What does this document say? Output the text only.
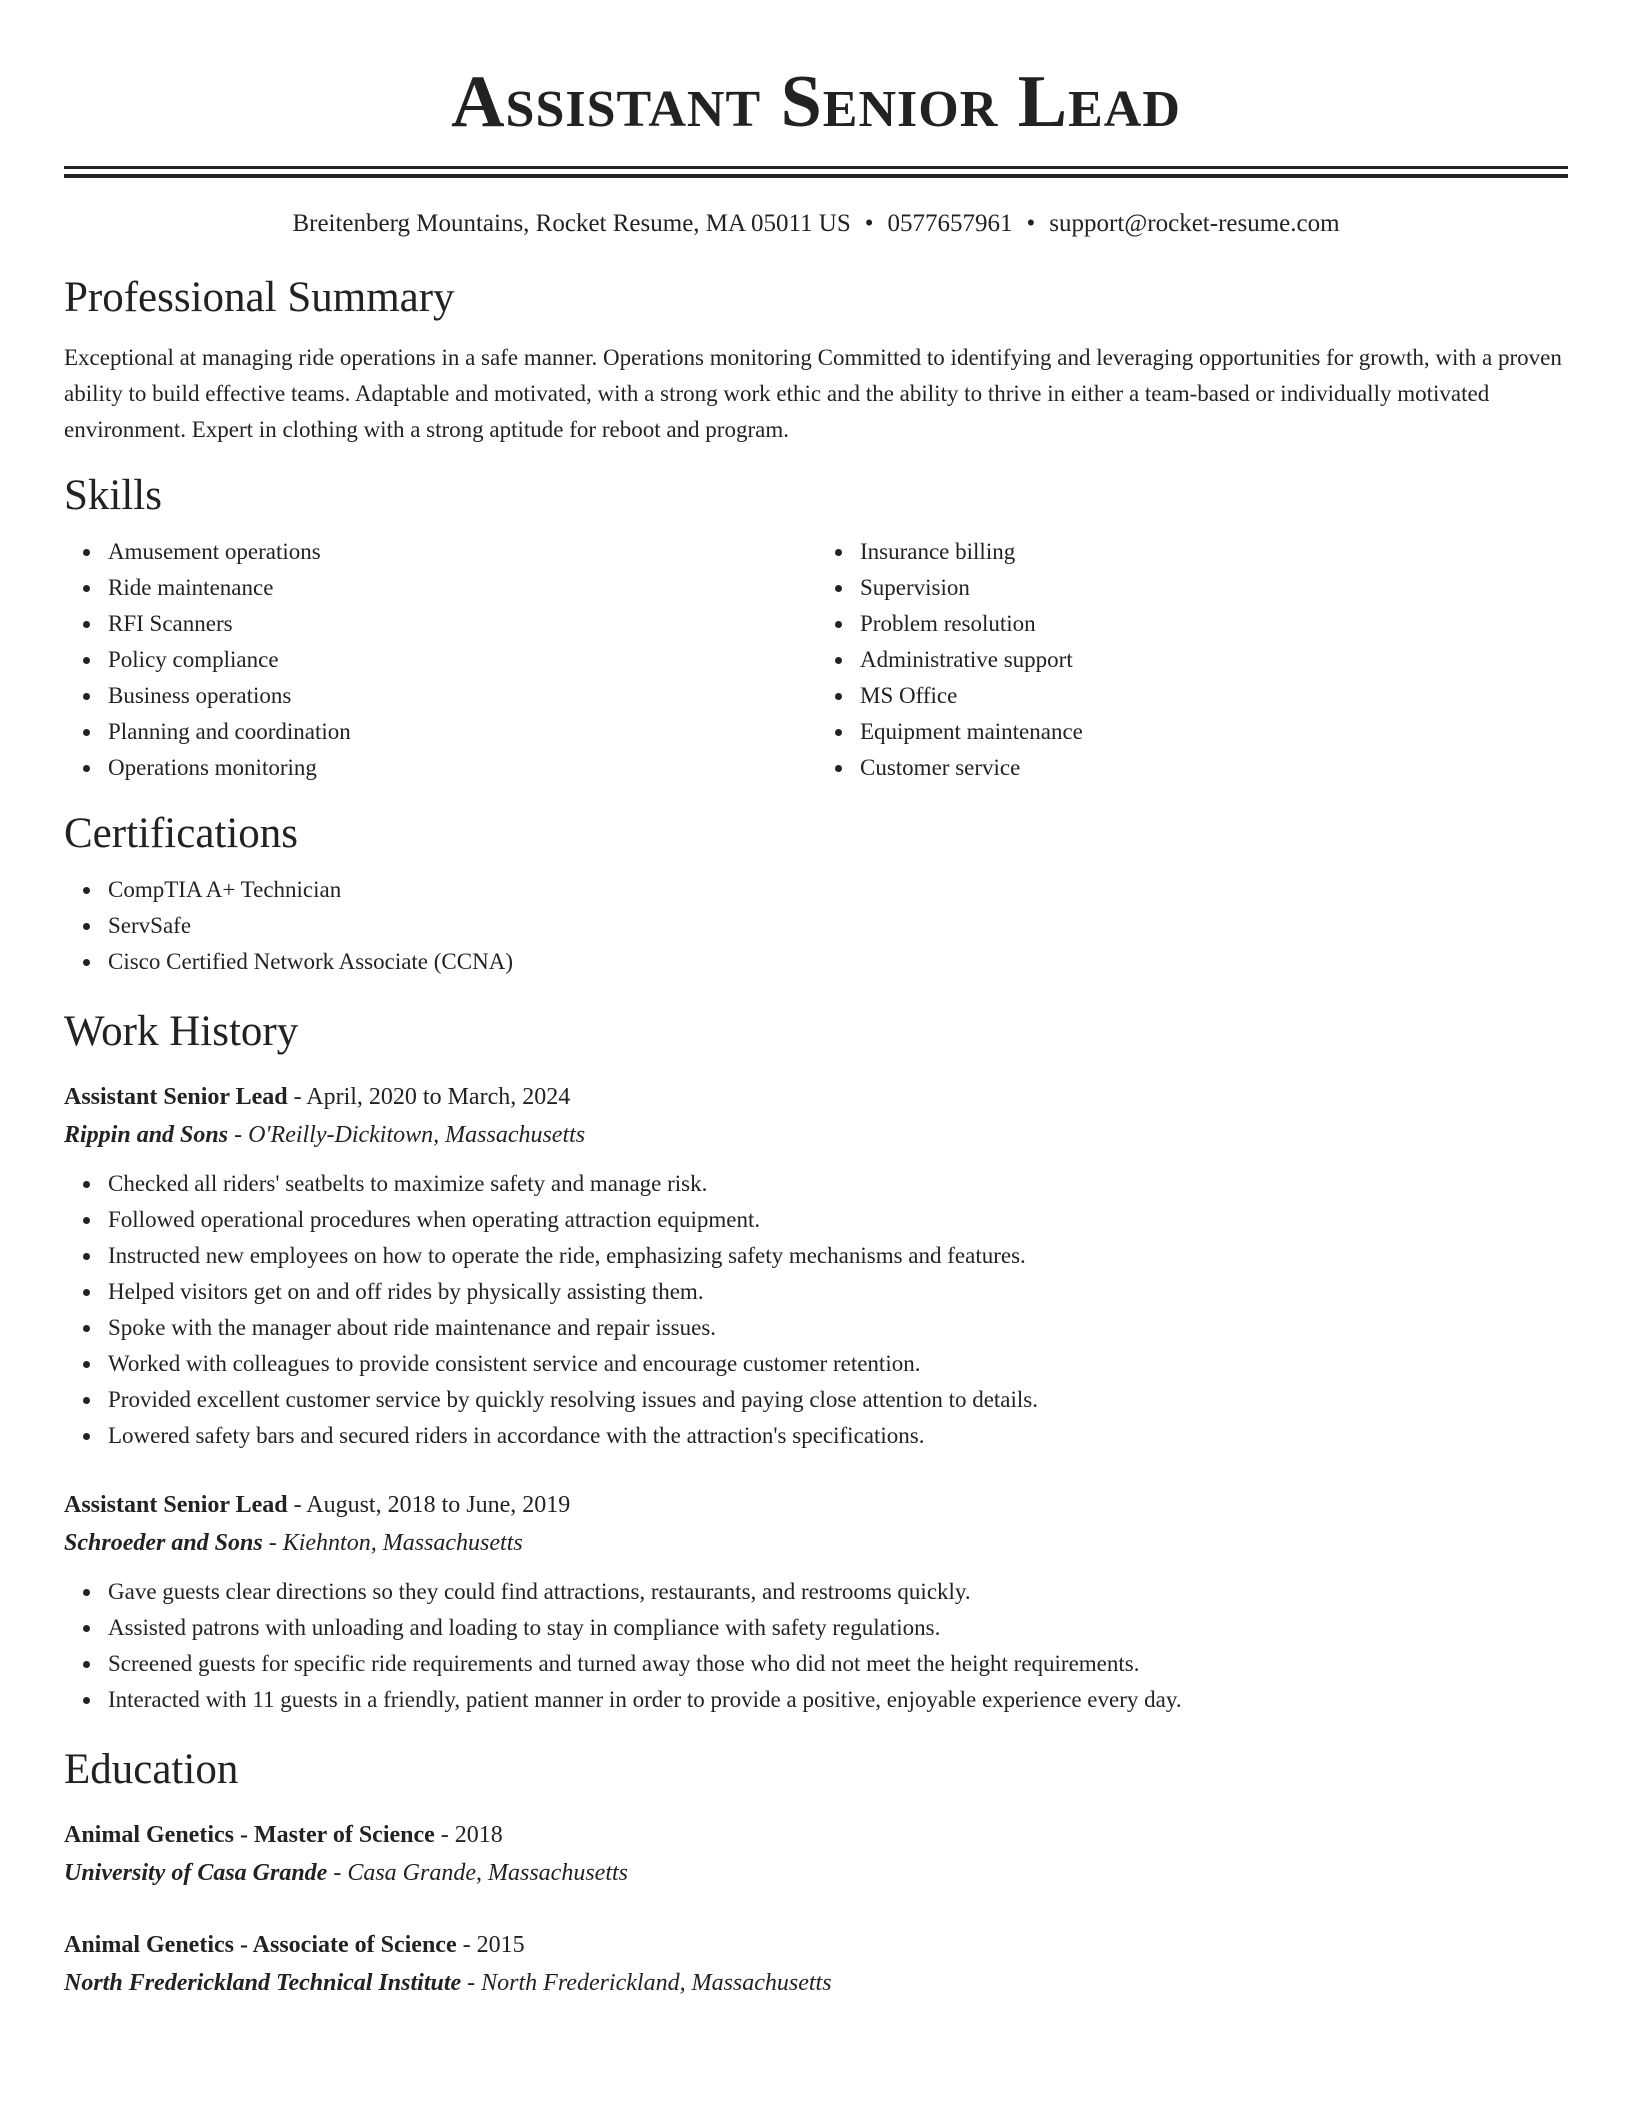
Assistant Senior Lead
Breitenberg Mountains, Rocket Resume, MA 05011 US • 0577657961 • support@rocket-resume.com
Professional Summary

Exceptional at managing ride operations in a safe manner. Operations monitoring Committed to identifying and leveraging opportunities for growth, with a proven ability to build effective teams. Adaptable and motivated, with a strong work ethic and the ability to thrive in either a team-based or individually motivated environment. Expert in clothing with a strong aptitude for reboot and program.

Skills
Amusement operations
Ride maintenance
RFI Scanners
Policy compliance
Business operations
Planning and coordination
Operations monitoring
Insurance billing
Supervision
Problem resolution
Administrative support
MS Office
Equipment maintenance
Customer service
Certifications
CompTIA A+ Technician
ServSafe
Cisco Certified Network Associate (CCNA)
Work History
Assistant Senior Lead - April, 2020 to March, 2024
Rippin and Sons - O'Reilly-Dickitown, Massachusetts
Checked all riders' seatbelts to maximize safety and manage risk.
Followed operational procedures when operating attraction equipment.
Instructed new employees on how to operate the ride, emphasizing safety mechanisms and features.
Helped visitors get on and off rides by physically assisting them.
Spoke with the manager about ride maintenance and repair issues.
Worked with colleagues to provide consistent service and encourage customer retention.
Provided excellent customer service by quickly resolving issues and paying close attention to details.
Lowered safety bars and secured riders in accordance with the attraction's specifications.
Assistant Senior Lead - August, 2018 to June, 2019
Schroeder and Sons - Kiehnton, Massachusetts
Gave guests clear directions so they could find attractions, restaurants, and restrooms quickly.
Assisted patrons with unloading and loading to stay in compliance with safety regulations.
Screened guests for specific ride requirements and turned away those who did not meet the height requirements.
Interacted with 11 guests in a friendly, patient manner in order to provide a positive, enjoyable experience every day.
Education
Animal Genetics - Master of Science - 2018
University of Casa Grande - Casa Grande, Massachusetts
Animal Genetics - Associate of Science - 2015
North Frederickland Technical Institute - North Frederickland, Massachusetts
